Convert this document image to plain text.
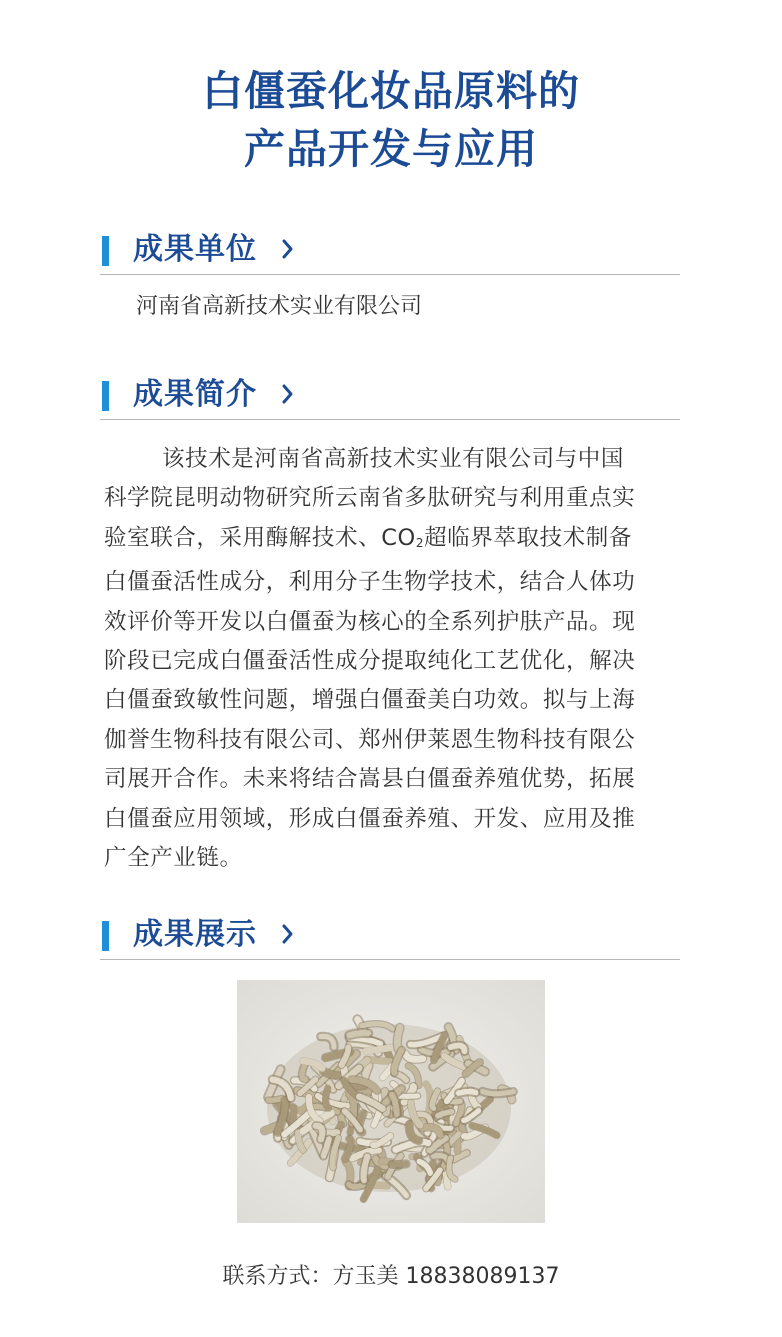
白僵蚕化妆品原料的
产品开发与应用
成果单位
河南省高新技术实业有限公司
成果简介
该技术是河南省高新技术实业有限公司与中国
科学院昆明动物研究所云南省多肽研究与利用重点实
验室联合，采用酶解技术、$CO_2$超临界萃取技术制备
白僵蚕活性成分，利用分子生物学技术，结合人体功
效评价等开发以白僵蚕为核心的全系列护肤产品。现
阶段已完成白僵蚕活性成分提取纯化工艺优化，解决
白僵蚕致敏性问题，增强白僵蚕美白功效。拟与上海
伽誉生物科技有限公司、郑州伊莱恩生物科技有限公
司展开合作。未来将结合嵩县白僵蚕养殖优势，拓展
白僵蚕应用领域，形成白僵蚕养殖、开发、应用及推
广全产业链。
成果展示
联系方式：方玉美 18838089137
